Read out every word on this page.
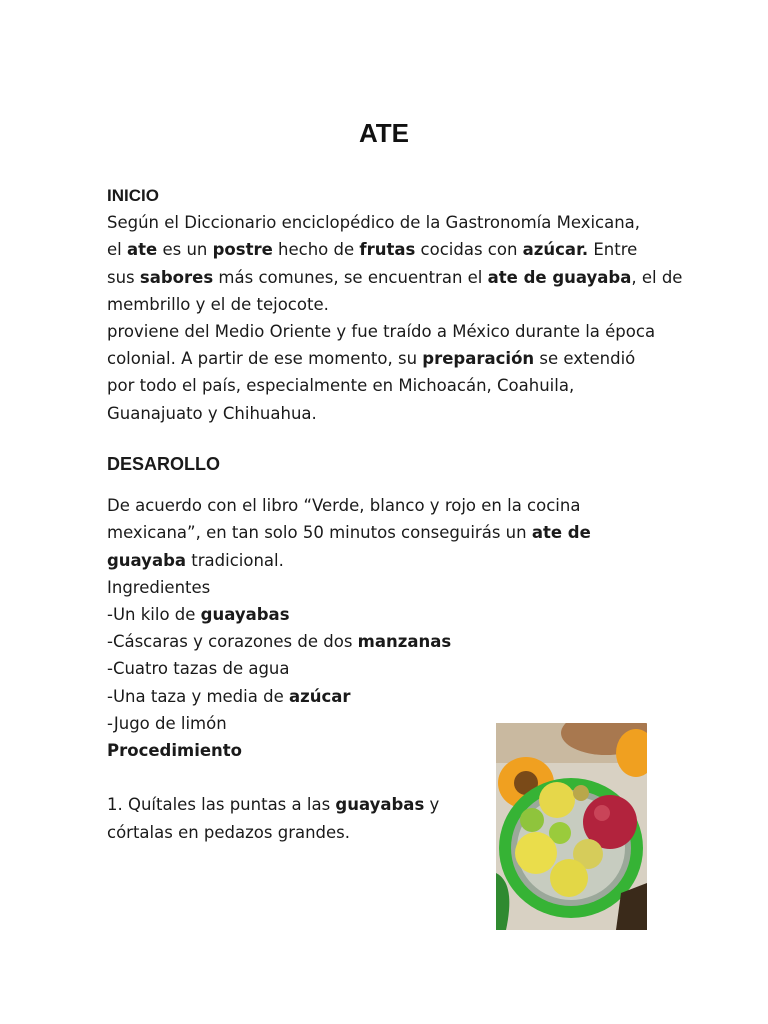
ATE
INICIO
Según el Diccionario enciclopédico de la Gastronomía Mexicana,
el ate es un postre hecho de frutas cocidas con azúcar. Entre
sus sabores más comunes, se encuentran el ate de guayaba, el de
membrillo y el de tejocote.
proviene del Medio Oriente y fue traído a México durante la época
colonial. A partir de ese momento, su preparación se extendió
por todo el país, especialmente en Michoacán, Coahuila,
Guanajuato y Chihuahua.
DESAROLLO
De acuerdo con el libro “Verde, blanco y rojo en la cocina
mexicana”, en tan solo 50 minutos conseguirás un ate de
guayaba tradicional.
Ingredientes
-Un kilo de guayabas
-Cáscaras y corazones de dos manzanas
-Cuatro tazas de agua
-Una taza y media de azúcar
-Jugo de limón
Procedimiento

1. Quítales las puntas a las guayabas y
córtalas en pedazos grandes.
